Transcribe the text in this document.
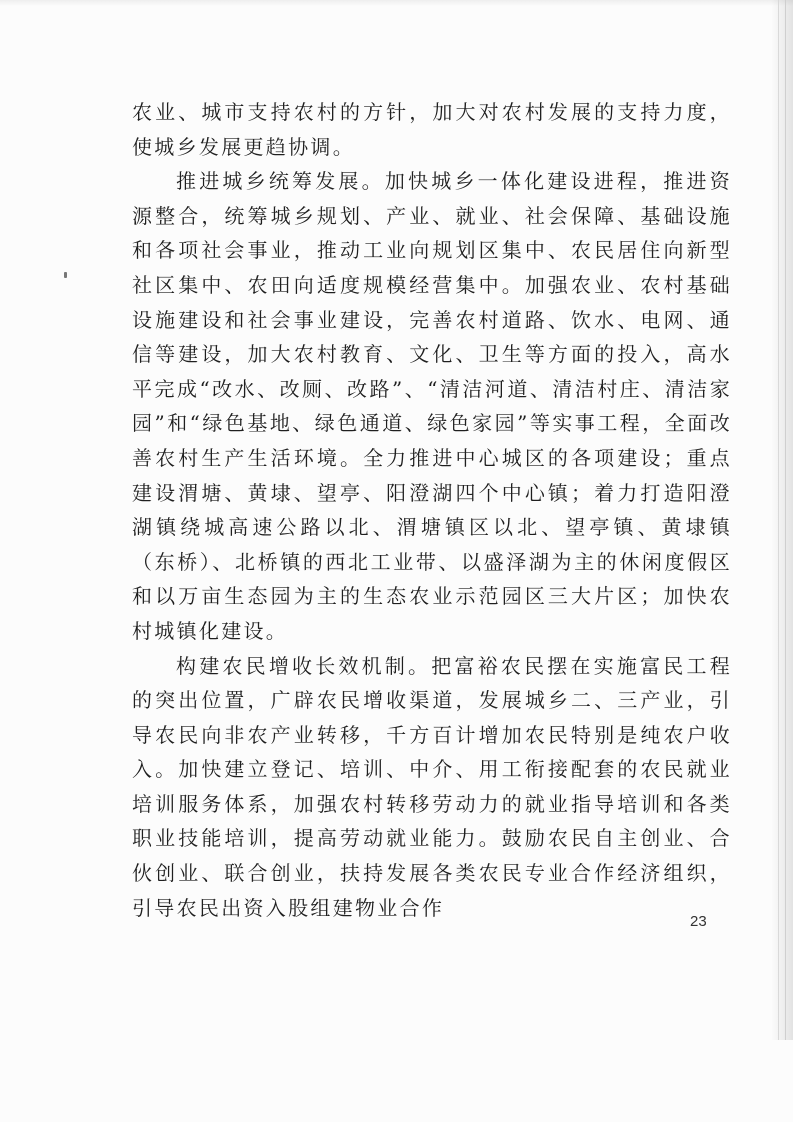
农业、城市支持农村的方针，加大对农村发展的支持力度，使城乡发展更趋协调。

推进城乡统筹发展。加快城乡一体化建设进程，推进资源整合，统筹城乡规划、产业、就业、社会保障、基础设施和各项社会事业，推动工业向规划区集中、农民居住向新型社区集中、农田向适度规模经营集中。加强农业、农村基础设施建设和社会事业建设，完善农村道路、饮水、电网、通信等建设，加大农村教育、文化、卫生等方面的投入，高水平完成“改水、改厕、改路”、“清洁河道、清洁村庄、清洁家园”和“绿色基地、绿色通道、绿色家园”等实事工程，全面改善农村生产生活环境。全力推进中心城区的各项建设；重点建设渭塘、黄埭、望亭、阳澄湖四个中心镇；着力打造阳澄湖镇绕城高速公路以北、渭塘镇区以北、望亭镇、黄埭镇（东桥）、北桥镇的西北工业带、以盛泽湖为主的休闲度假区和以万亩生态园为主的生态农业示范园区三大片区；加快农村城镇化建设。

构建农民增收长效机制。把富裕农民摆在实施富民工程的突出位置，广辟农民增收渠道，发展城乡二、三产业，引导农民向非农产业转移，千方百计增加农民特别是纯农户收入。加快建立登记、培训、中介、用工衔接配套的农民就业培训服务体系，加强农村转移劳动力的就业指导培训和各类职业技能培训，提高劳动就业能力。鼓励农民自主创业、合伙创业、联合创业，扶持发展各类农民专业合作经济组织，引导农民出资入股组建物业合作

23
